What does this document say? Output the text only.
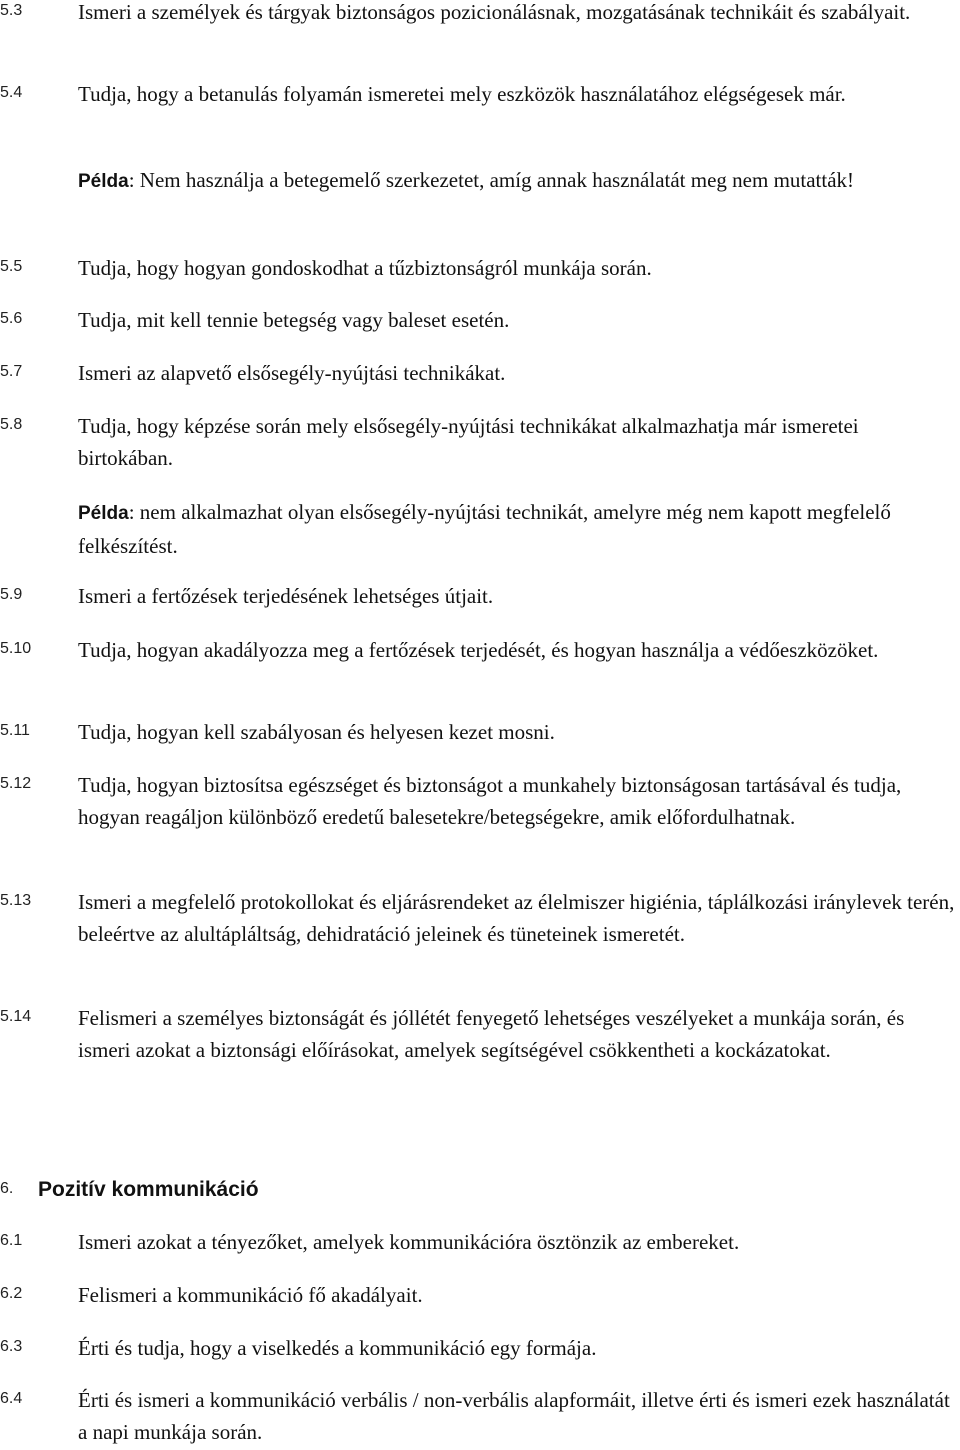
5.3	Ismeri a személyek és tárgyak biztonságos pozicionálásnak, mozgatásának technikáit és szabályait.
5.4	Tudja, hogy a betanulás folyamán ismeretei mely eszközök használatához elégségesek már.
Példa: Nem használja a betegemelő szerkezetet, amíg annak használatát meg nem mutatták!
5.5	Tudja, hogy hogyan gondoskodhat a tűzbiztonságról munkája során.
5.6	Tudja, mit kell tennie betegség vagy baleset esetén.
5.7	Ismeri az alapvető elsősegély-nyújtási technikákat.
5.8	Tudja, hogy képzése során mely elsősegély-nyújtási technikákat alkalmazhatja már ismeretei birtokában.
Példa: nem alkalmazhat olyan elsősegély-nyújtási technikát, amelyre még nem kapott megfelelő felkészítést.
5.9	Ismeri a fertőzések terjedésének lehetséges útjait.
5.10	Tudja, hogyan akadályozza meg a fertőzések terjedését, és hogyan használja a védőeszközöket.
5.11	Tudja, hogyan kell szabályosan és helyesen kezet mosni.
5.12	Tudja, hogyan biztosítsa egészséget és biztonságot a munkahely biztonságosan tartásával és tudja, hogyan reagáljon különböző eredetű balesetekre/betegségekre, amik előfordulhatnak.
5.13	Ismeri a megfelelő protokollokat és eljárásrendeket az élelmiszer higiénia, táplálkozási iránylevek terén, beleértve az alultápláltság, dehidratáció jeleinek és tüneteinek ismeretét.
5.14	Felismeri a személyes biztonságát és jóllétét fenyegető lehetséges veszélyeket a munkája során, és ismeri azokat a biztonsági előírásokat, amelyek segítségével csökkentheti a kockázatokat.
6.	Pozitív kommunikáció
6.1	Ismeri azokat a tényezőket, amelyek kommunikációra ösztönzik az embereket.
6.2	Felismeri a kommunikáció fő akadályait.
6.3	Érti és tudja, hogy a viselkedés a kommunikáció egy formája.
6.4	Érti és ismeri a kommunikáció verbális / non-verbális alapformáit, illetve érti és ismeri ezek használatát a napi munkája során.
